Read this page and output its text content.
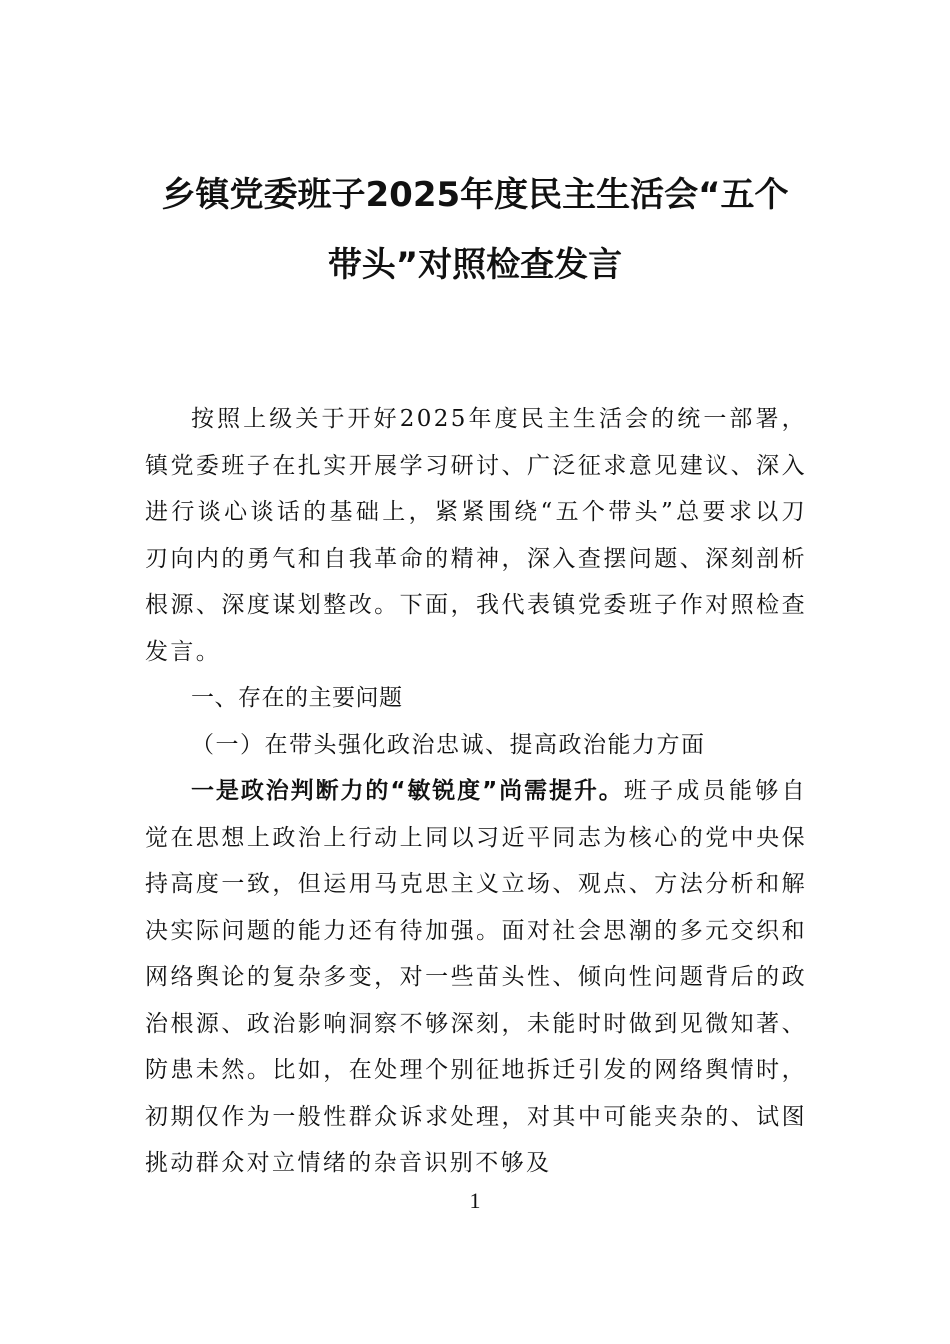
乡镇党委班子2025年度民主生活会“五个
带头”对照检查发言

按照上级关于开好2025年度民主生活会的统一部署，镇党委班子在扎实开展学习研讨、广泛征求意见建议、深入进行谈心谈话的基础上，紧紧围绕“五个带头”总要求以刀刃向内的勇气和自我革命的精神，深入查摆问题、深刻剖析根源、深度谋划整改。下面，我代表镇党委班子作对照检查发言。

一、存在的主要问题

（一）在带头强化政治忠诚、提高政治能力方面

一是政治判断力的“敏锐度”尚需提升。班子成员能够自觉在思想上政治上行动上同以习近平同志为核心的党中央保持高度一致，但运用马克思主义立场、观点、方法分析和解决实际问题的能力还有待加强。面对社会思潮的多元交织和网络舆论的复杂多变，对一些苗头性、倾向性问题背后的政治根源、政治影响洞察不够深刻，未能时时做到见微知著、防患未然。比如，在处理个别征地拆迁引发的网络舆情时，初期仅作为一般性群众诉求处理，对其中可能夹杂的、试图挑动群众对立情绪的杂音识别不够及

1
